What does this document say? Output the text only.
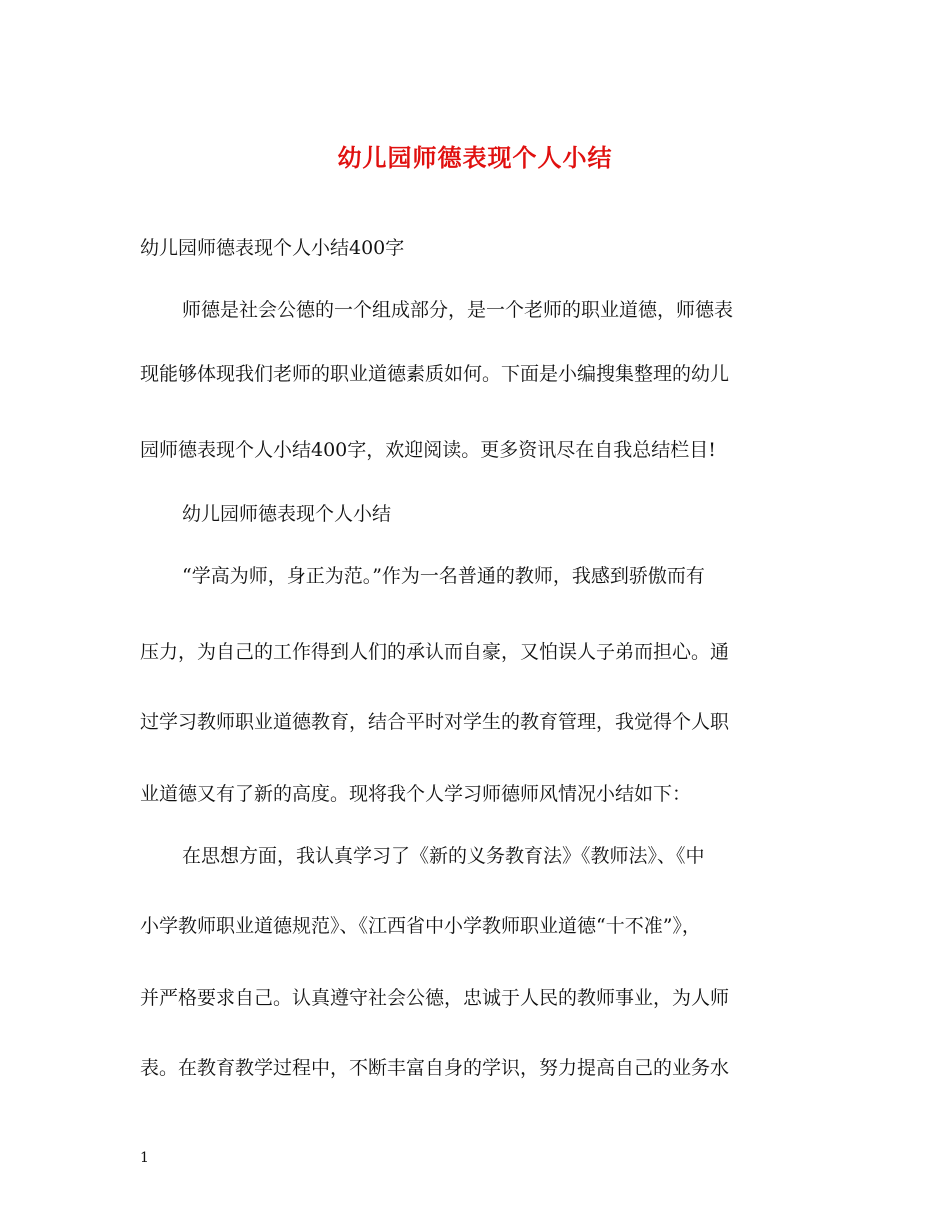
幼儿园师德表现个人小结
幼儿园师德表现个人小结400字
师德是社会公德的一个组成部分，是一个老师的职业道德，师德表
现能够体现我们老师的职业道德素质如何。下面是小编搜集整理的幼儿
园师德表现个人小结400字，欢迎阅读。更多资讯尽在自我总结栏目!
幼儿园师德表现个人小结
“学高为师，身正为范。”作为一名普通的教师，我感到骄傲而有
压力，为自己的工作得到人们的承认而自豪，又怕误人子弟而担心。通
过学习教师职业道德教育，结合平时对学生的教育管理，我觉得个人职
业道德又有了新的高度。现将我个人学习师德师风情况小结如下：
在思想方面，我认真学习了《新的义务教育法》《教师法》、《中
小学教师职业道德规范》、《江西省中小学教师职业道德“十不准”》，
并严格要求自己。认真遵守社会公德，忠诚于人民的教师事业，为人师
表。在教育教学过程中，不断丰富自身的学识，努力提高自己的业务水
1
